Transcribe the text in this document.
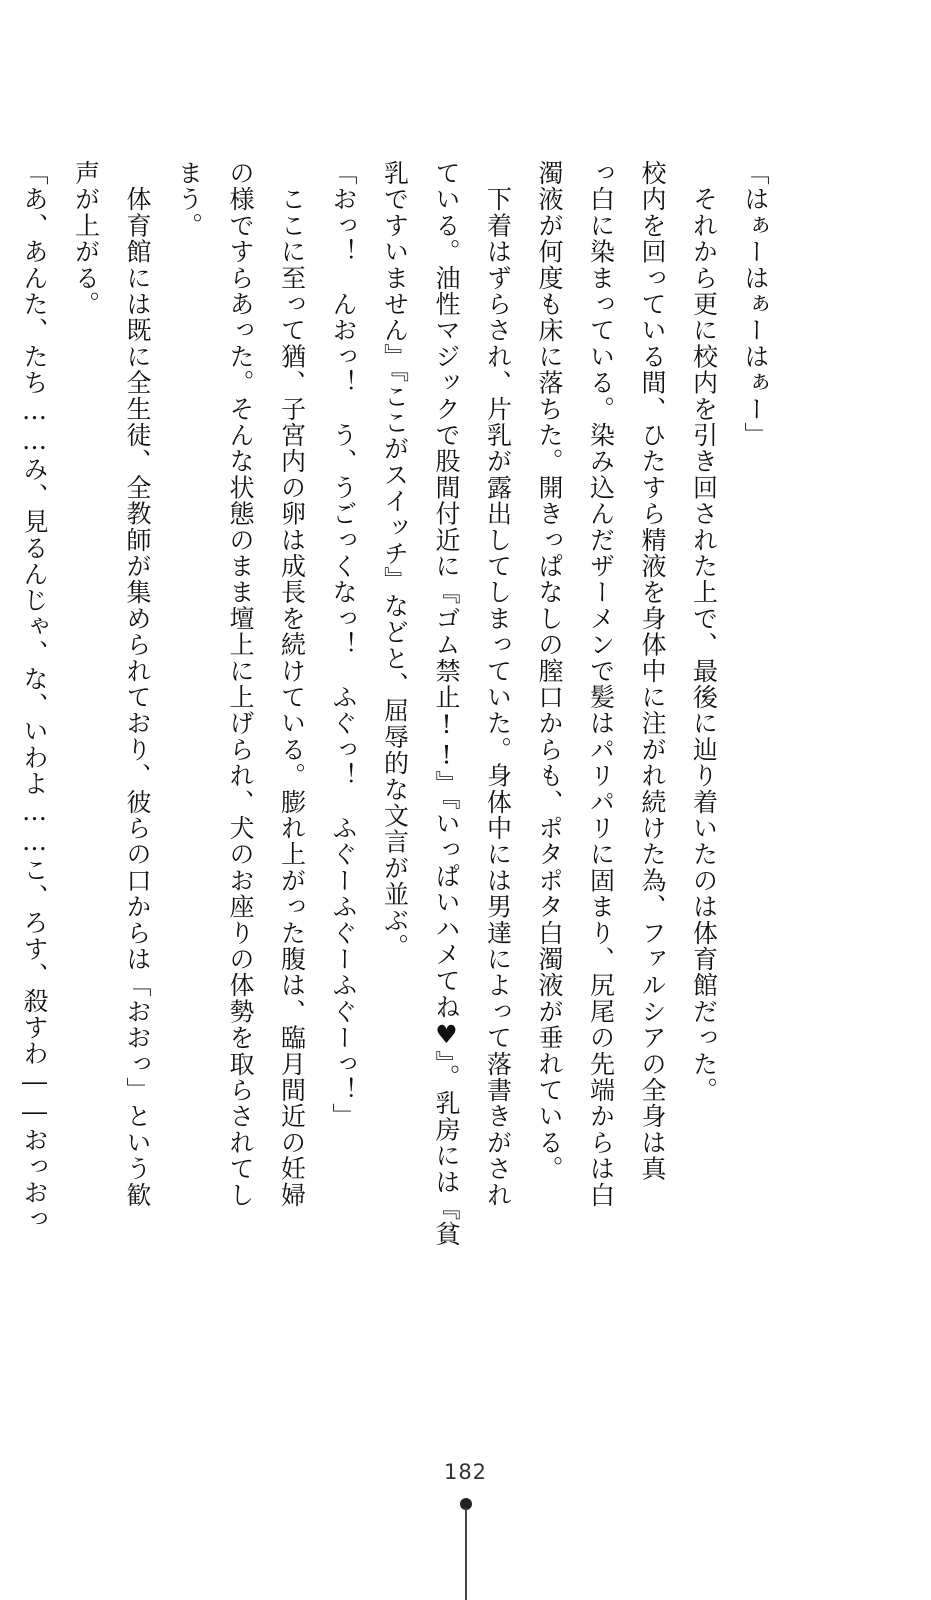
「はぁーはぁーはぁー」
　それから更に校内を引き回された上で、最後に辿り着いたのは体育館だった。
校内を回っている間、ひたすら精液を身体中に注がれ続けた為、ファルシアの全身は真
っ白に染まっている。染み込んだザーメンで髪はパリパリに固まり、尻尾の先端からは白
濁液が何度も床に落ちた。開きっぱなしの膣口からも、ポタポタ白濁液が垂れている。
　下着はずらされ、片乳が露出してしまっていた。身体中には男達によって落書きがされ
ている。油性マジックで股間付近に『ゴム禁止!!』『いっぱいハメてね♥』。乳房には『貧
乳ですいません』『ここがスイッチ』などと、屈辱的な文言が並ぶ。
「おっ！　んおっ！　う、うごっくなっ！　ふぐっ！　ふぐーふぐーふぐーっ！」
　ここに至って猶、子宮内の卵は成長を続けている。膨れ上がった腹は、臨月間近の妊婦
の様ですらあった。そんな状態のまま壇上に上げられ、犬のお座りの体勢を取らされてし
まう。
　体育館には既に全生徒、全教師が集められており、彼らの口からは「おおっ」という歓
声が上がる。
「あ、あんた、たち……み、見るんじゃ、な、いわよ……こ、ろす、殺すわ――おっおっ
182
